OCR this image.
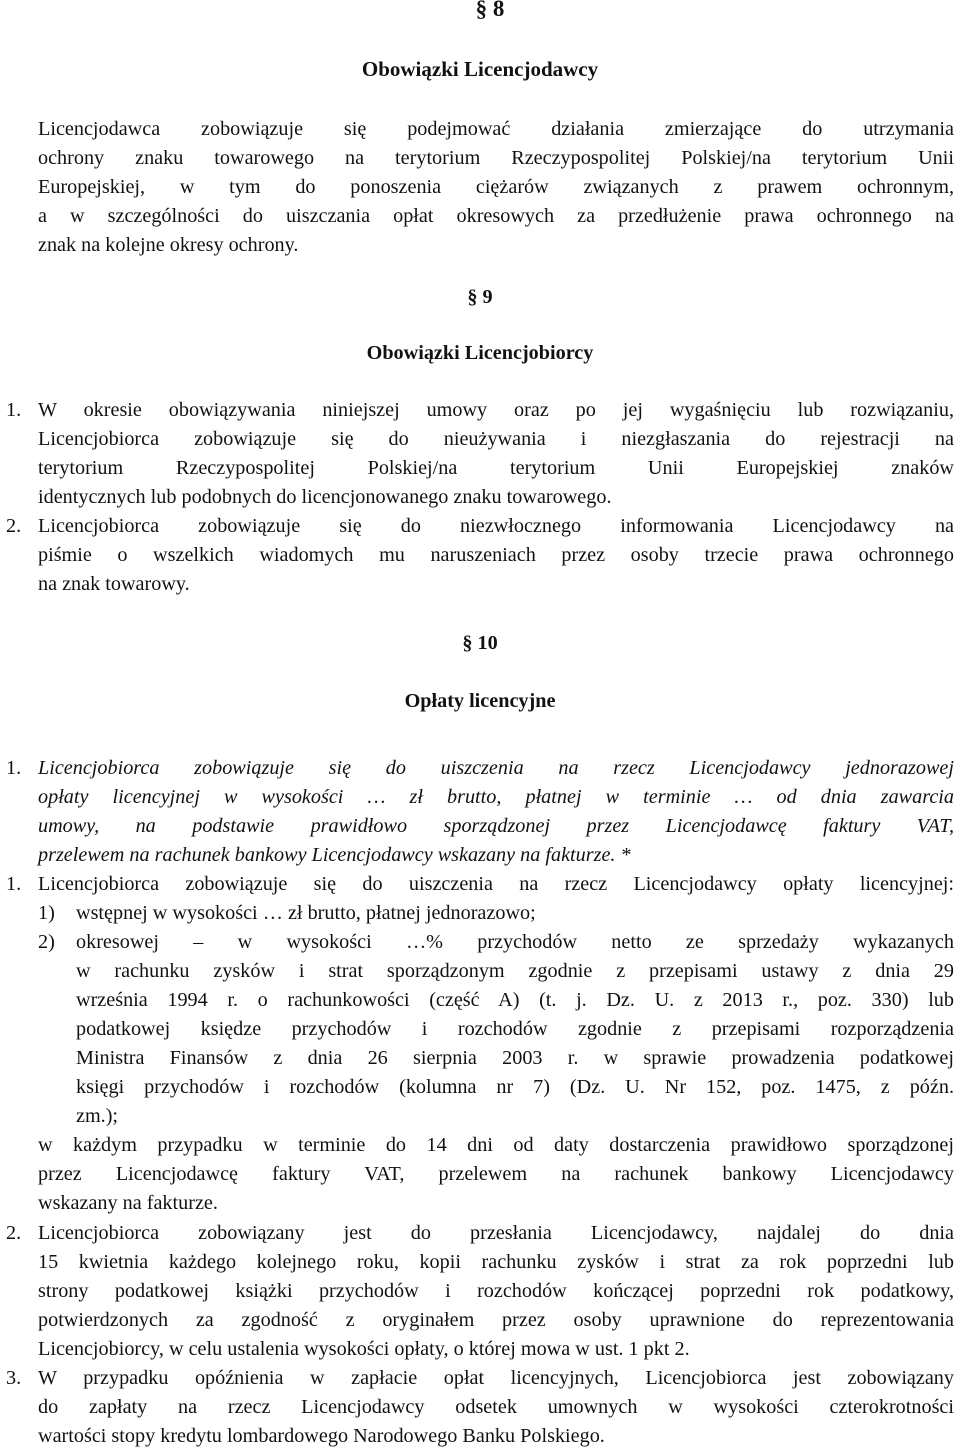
§ 8

Obowiązki Licencjodawcy

Licencjodawca zobowiązuje się podejmować działania zmierzające do utrzymania

ochrony znaku towarowego na terytorium Rzeczypospolitej Polskiej/na terytorium Unii

Europejskiej, w tym do ponoszenia ciężarów związanych z prawem ochronnym,

a w szczególności do uiszczania opłat okresowych za przedłużenie prawa ochronnego na

znak na kolejne okresy ochrony.

§ 9

Obowiązki Licencjobiorcy

1. W okresie obowiązywania niniejszej umowy oraz po jej wygaśnięciu lub rozwiązaniu,

Licencjobiorca zobowiązuje się do nieużywania i niezgłaszania do rejestracji na

terytorium Rzeczypospolitej Polskiej/na terytorium Unii Europejskiej znaków

identycznych lub podobnych do licencjonowanego znaku towarowego.

2. Licencjobiorca zobowiązuje się do niezwłocznego informowania Licencjodawcy na

piśmie o wszelkich wiadomych mu naruszeniach przez osoby trzecie prawa ochronnego

na znak towarowy.

§ 10

Opłaty licencyjne

1. Licencjobiorca zobowiązuje się do uiszczenia na rzecz Licencjodawcy jednorazowej

opłaty licencyjnej w wysokości … zł brutto, płatnej w terminie … od dnia zawarcia

umowy, na podstawie prawidłowo sporządzonej przez Licencjodawcę faktury VAT,

przelewem na rachunek bankowy Licencjodawcy wskazany na fakturze. *

1. Licencjobiorca zobowiązuje się do uiszczenia na rzecz Licencjodawcy opłaty licencyjnej:

1) wstępnej w wysokości … zł brutto, płatnej jednorazowo;

2) okresowej – w wysokości …% przychodów netto ze sprzedaży wykazanych

w rachunku zysków i strat sporządzonym zgodnie z przepisami ustawy z dnia 29

września 1994 r. o rachunkowości (część A) (t. j. Dz. U. z 2013 r., poz. 330) lub

podatkowej księdze przychodów i rozchodów zgodnie z przepisami rozporządzenia

Ministra Finansów z dnia 26 sierpnia 2003 r. w sprawie prowadzenia podatkowej

księgi przychodów i rozchodów (kolumna nr 7) (Dz. U. Nr 152, poz. 1475, z późn.

zm.);

w każdym przypadku w terminie do 14 dni od daty dostarczenia prawidłowo sporządzonej

przez Licencjodawcę faktury VAT, przelewem na rachunek bankowy Licencjodawcy

wskazany na fakturze.

2. Licencjobiorca zobowiązany jest do przesłania Licencjodawcy, najdalej do dnia

15 kwietnia każdego kolejnego roku, kopii rachunku zysków i strat za rok poprzedni lub

strony podatkowej książki przychodów i rozchodów kończącej poprzedni rok podatkowy,

potwierdzonych za zgodność z oryginałem przez osoby uprawnione do reprezentowania

Licencjobiorcy, w celu ustalenia wysokości opłaty, o której mowa w ust. 1 pkt 2.

3. W przypadku opóźnienia w zapłacie opłat licencyjnych, Licencjobiorca jest zobowiązany

do zapłaty na rzecz Licencjodawcy odsetek umownych w wysokości czterokrotności

wartości stopy kredytu lombardowego Narodowego Banku Polskiego.
